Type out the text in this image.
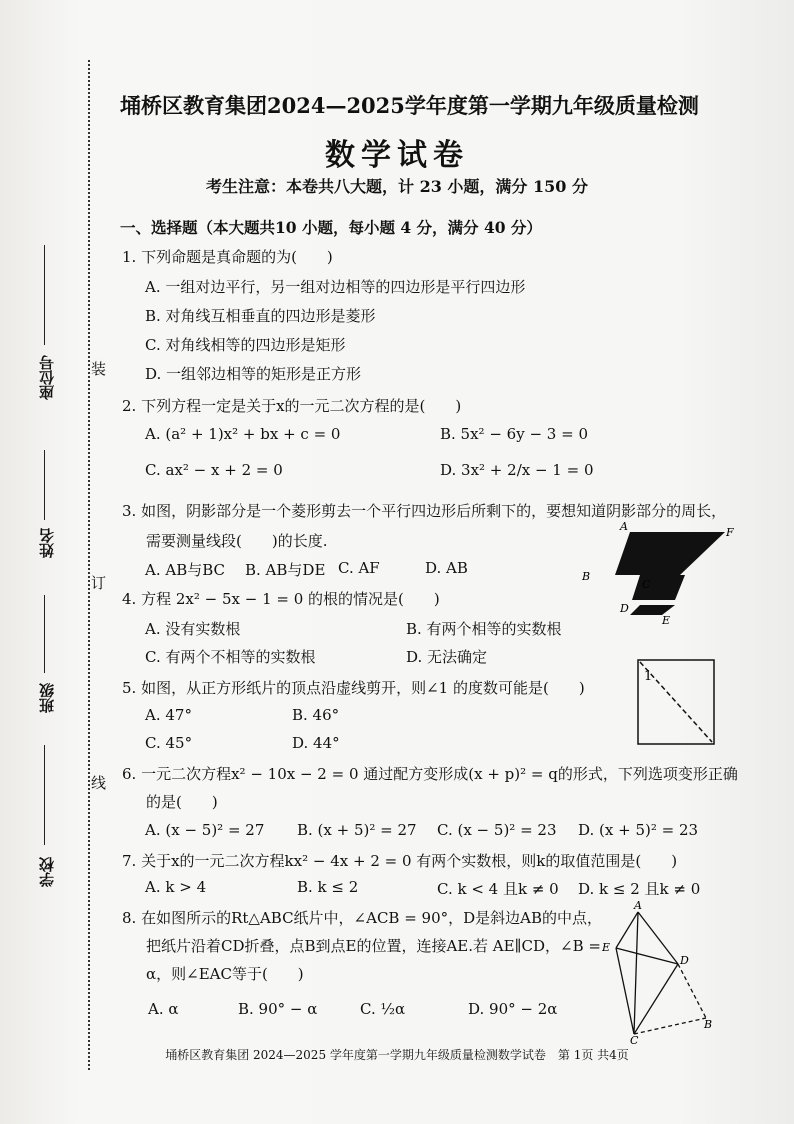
装
订
线
座位号
姓名
班级
学校
埇桥区教育集团2024—2025学年度第一学期九年级质量检测
数学试卷
考生注意：本卷共八大题，计 23 小题，满分 150 分
一、选择题（本大题共10 小题，每小题 4 分，满分 40 分）
1. 下列命题是真命题的为(　　)
A. 一组对边平行，另一组对边相等的四边形是平行四边形
B. 对角线互相垂直的四边形是菱形
C. 对角线相等的四边形是矩形
D. 一组邻边相等的矩形是正方形
2. 下列方程一定是关于x的一元二次方程的是(　　)
A. (a² + 1)x² + bx + c = 0	B. 5x² − 6y − 3 = 0
C. ax² − x + 2 = 0	D. 3x² + 2/x − 1 = 0
3. 如图，阴影部分是一个菱形剪去一个平行四边形后所剩下的，要想知道阴影部分的周长，
需要测量线段(　　)的长度.
A. AB与BC B. AB与DE C. AF	D. AB
A	F
B
C
D
E
4. 方程 2x² − 5x − 1 = 0 的根的情况是(　　)
A. 没有实数根	B. 有两个相等的实数根
C. 有两个不相等的实数根	D. 无法确定
5. 如图，从正方形纸片的顶点沿虚线剪开，则∠1 的度数可能是(　　)
A. 47°	B. 46°
C. 45°	D. 44°
1
6. 一元二次方程x² − 10x − 2 = 0 通过配方变形成(x + p)² = q的形式，下列选项变形正确
的是(　　)
A. (x − 5)² = 27 B. (x + 5)² = 27 C. (x − 5)² = 23 D. (x + 5)² = 23
7. 关于x的一元二次方程kx² − 4x + 2 = 0 有两个实数根，则k的取值范围是(　　)
A. k > 4	B. k ≤ 2	C. k < 4 且k ≠ 0 D. k ≤ 2 且k ≠ 0
8. 在如图所示的Rt△ABC纸片中，∠ACB = 90°，D是斜边AB的中点，
把纸片沿着CD折叠，点B到点E的位置，连接AE.若 AE∥CD，∠B =
α，则∠EAC等于(　　)
A. α	B. 90° − α	C. ½α	D. 90° − 2α
A
E
D
C
B
埇桥区教育集团 2024—2025 学年度第一学期九年级质量检测数学试卷　第 1页 共4页
